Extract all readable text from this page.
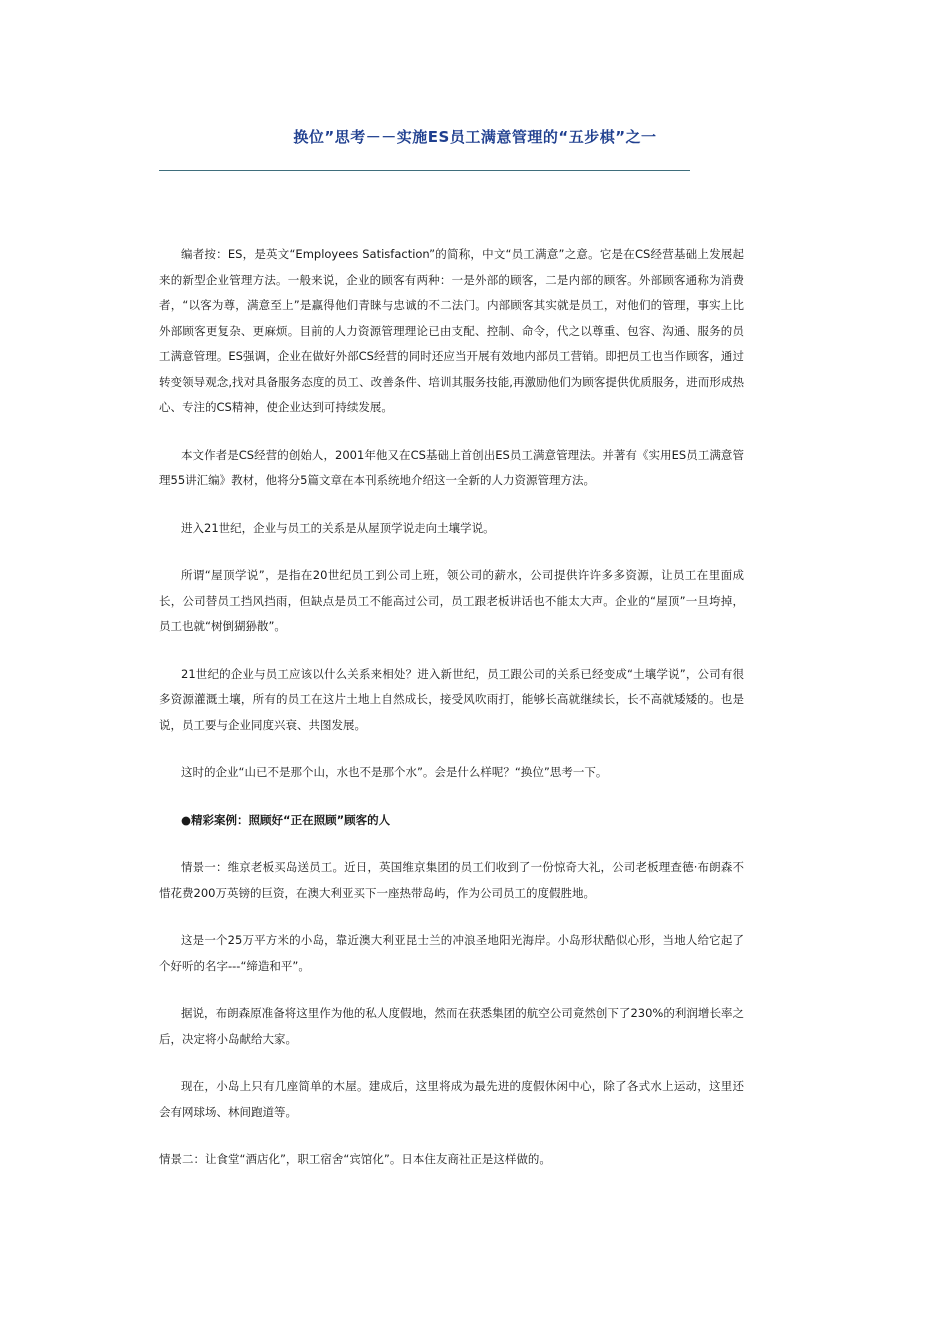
换位”思考－－实施ES员工满意管理的“五步棋”之一

编者按：ES，是英文“Employees Satisfaction”的简称，中文“员工满意”之意。它是在CS经营基础上发展起来的新型企业管理方法。一般来说，企业的顾客有两种：一是外部的顾客，二是内部的顾客。外部顾客通称为消费者，“以客为尊，满意至上”是赢得他们青睐与忠诚的不二法门。内部顾客其实就是员工，对他们的管理，事实上比外部顾客更复杂、更麻烦。目前的人力资源管理理论已由支配、控制、命令，代之以尊重、包容、沟通、服务的员工满意管理。ES强调，企业在做好外部CS经营的同时还应当开展有效地内部员工营销。即把员工也当作顾客，通过转变领导观念,找对具备服务态度的员工、改善条件、培训其服务技能,再激励他们为顾客提供优质服务，进而形成热心、专注的CS精神，使企业达到可持续发展。

本文作者是CS经营的创始人，2001年他又在CS基础上首创出ES员工满意管理法。并著有《实用ES员工满意管理55讲汇编》教材，他将分5篇文章在本刊系统地介绍这一全新的人力资源管理方法。

进入21世纪，企业与员工的关系是从屋顶学说走向土壤学说。

所谓“屋顶学说”，是指在20世纪员工到公司上班，领公司的薪水，公司提供许许多多资源，让员工在里面成长，公司替员工挡风挡雨，但缺点是员工不能高过公司，员工跟老板讲话也不能太大声。企业的“屋顶”一旦垮掉，员工也就“树倒猢狲散”。

21世纪的企业与员工应该以什么关系来相处？进入新世纪，员工跟公司的关系已经变成“土壤学说”，公司有很多资源灌溉土壤，所有的员工在这片土地上自然成长，接受风吹雨打，能够长高就继续长，长不高就矮矮的。也是说，员工要与企业同度兴衰、共图发展。

这时的企业“山已不是那个山，水也不是那个水”。会是什么样呢？“换位”思考一下。

●精彩案例：照顾好“正在照顾”顾客的人

情景一：维京老板买岛送员工。近日，英国维京集团的员工们收到了一份惊奇大礼，公司老板理查德·布朗森不惜花费200万英镑的巨资，在澳大利亚买下一座热带岛屿，作为公司员工的度假胜地。

这是一个25万平方米的小岛，靠近澳大利亚昆士兰的冲浪圣地阳光海岸。小岛形状酷似心形，当地人给它起了个好听的名字---“缔造和平”。

据说，布朗森原准备将这里作为他的私人度假地，然而在获悉集团的航空公司竟然创下了230%的利润增长率之后，决定将小岛献给大家。

现在，小岛上只有几座简单的木屋。建成后，这里将成为最先进的度假休闲中心，除了各式水上运动，这里还会有网球场、林间跑道等。

情景二：让食堂“酒店化”，职工宿舍“宾馆化”。日本住友商社正是这样做的。
